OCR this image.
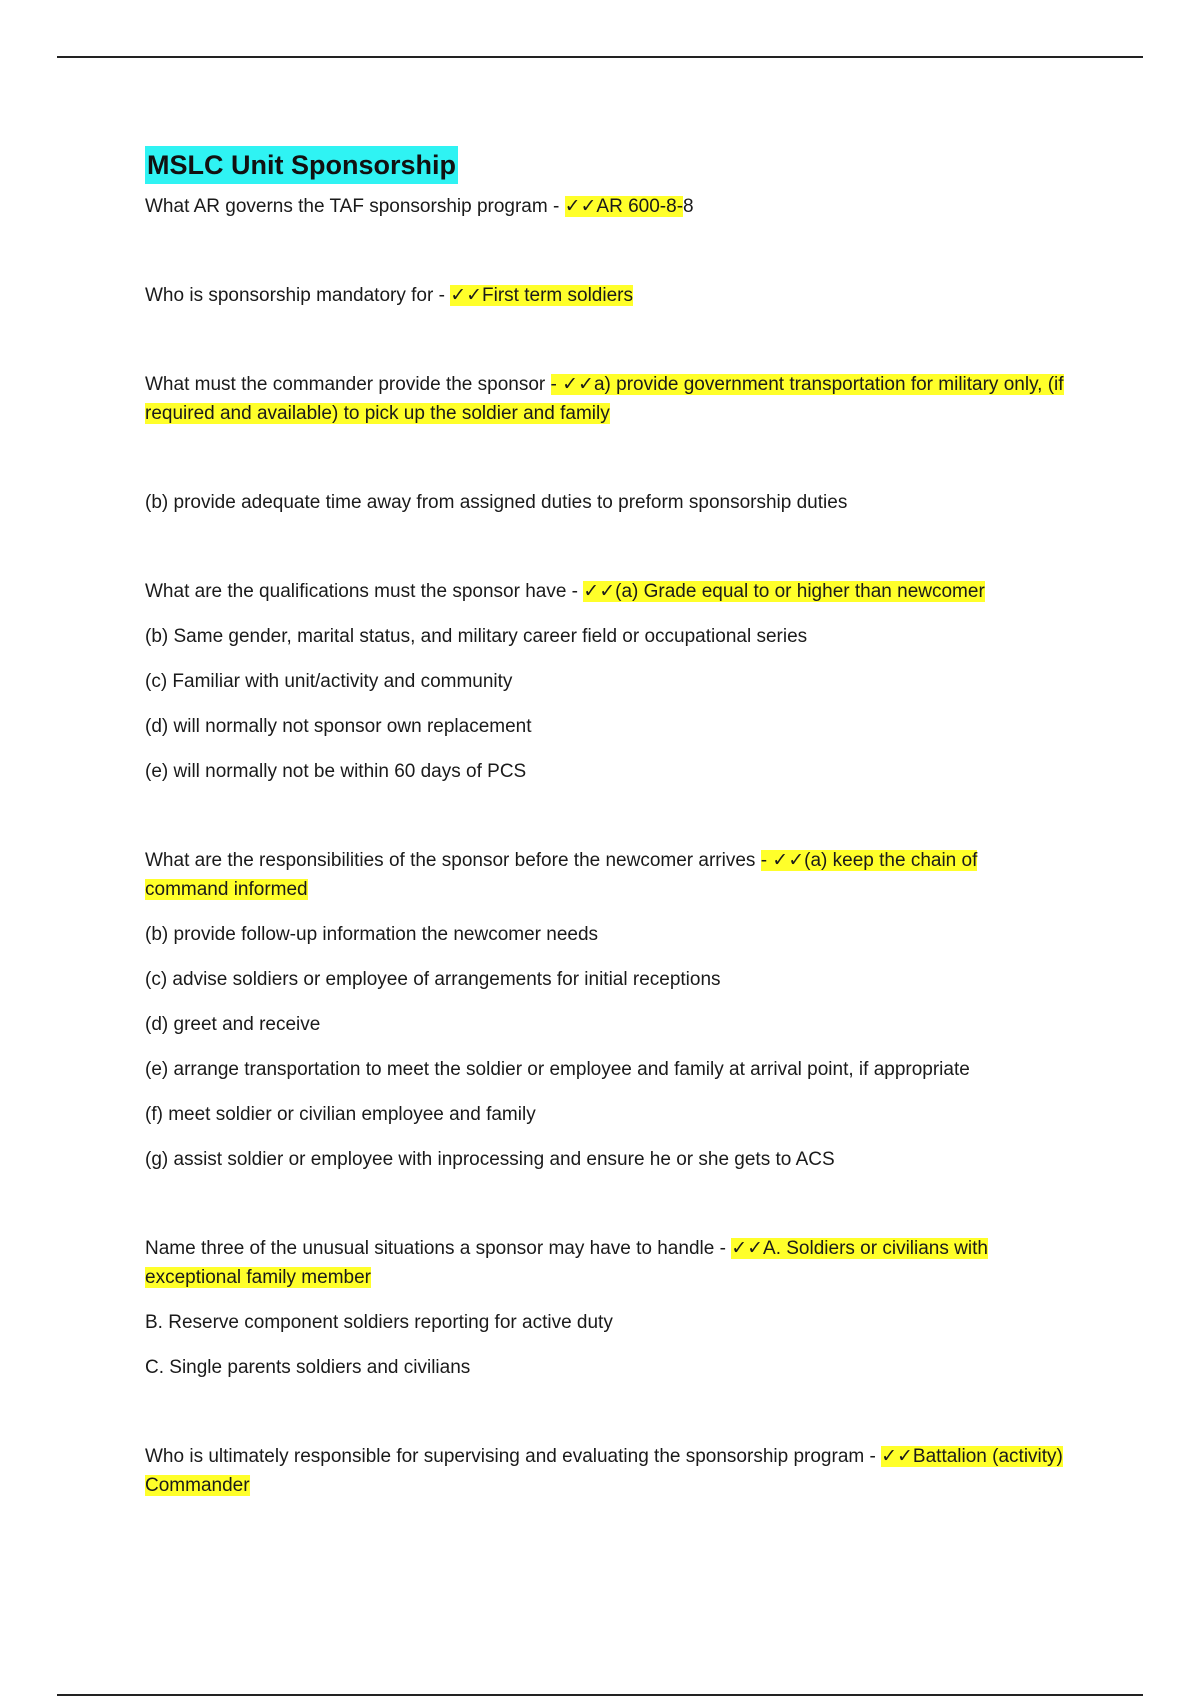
MSLC Unit Sponsorship

What AR governs the TAF sponsorship program - ✓✓AR 600-8-8

Who is sponsorship mandatory for - ✓✓First term soldiers

What must the commander provide the sponsor - ✓✓a) provide government transportation for military only, (if required and available) to pick up the soldier and family

(b) provide adequate time away from assigned duties to preform sponsorship duties

What are the qualifications must the sponsor have - ✓✓(a) Grade equal to or higher than newcomer

(b) Same gender, marital status, and military career field or occupational series

(c) Familiar with unit/activity and community

(d) will normally not sponsor own replacement

(e) will normally not be within 60 days of PCS

What are the responsibilities of the sponsor before the newcomer arrives - ✓✓(a) keep the chain of command informed

(b) provide follow-up information the newcomer needs

(c) advise soldiers or employee of arrangements for initial receptions

(d) greet and receive

(e) arrange transportation to meet the soldier or employee and family at arrival point, if appropriate

(f) meet soldier or civilian employee and family

(g) assist soldier or employee with inprocessing and ensure he or she gets to ACS

Name three of the unusual situations a sponsor may have to handle - ✓✓A. Soldiers or civilians with exceptional family member

B. Reserve component soldiers reporting for active duty

C. Single parents soldiers and civilians

Who is ultimately responsible for supervising and evaluating the sponsorship program - ✓✓Battalion (activity) Commander
